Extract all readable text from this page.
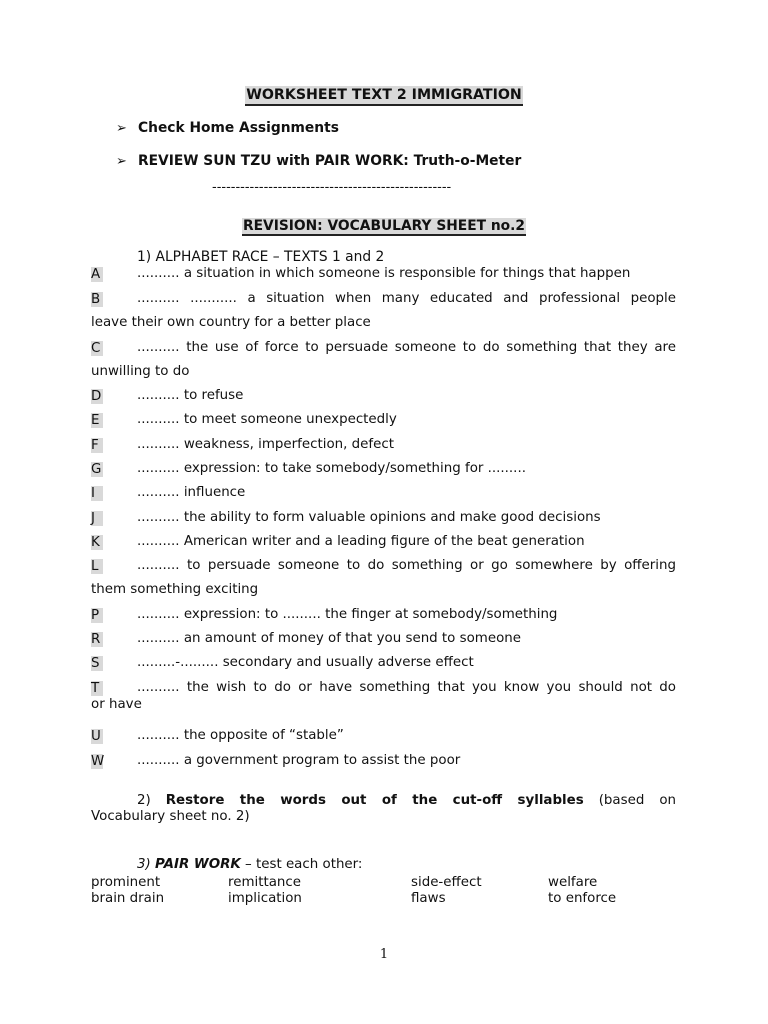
WORKSHEET TEXT 2 IMMIGRATION
➢ Check Home Assignments
➢ REVIEW SUN TZU with PAIR WORK: Truth-o-Meter
---------------------------------------------------
REVISION: VOCABULARY SHEET no.2
1) ALPHABET RACE – TEXTS 1 and 2
A	.......... a situation in which someone is responsible for things that happen
B	.......... ........... a situation when many educated and professional people
leave their own country for a better place
C	.......... the use of force to persuade someone to do something that they are
unwilling to do
D	.......... to refuse
E	.......... to meet someone unexpectedly
F	.......... weakness, imperfection, defect
G	.......... expression: to take somebody/something for .........
I	.......... influence
J	.......... the ability to form valuable opinions and make good decisions
K	.......... American writer and a leading figure of the beat generation
L	.......... to persuade someone to do something or go somewhere by offering
them something exciting
P	.......... expression: to ......... the finger at somebody/something
R	.......... an amount of money of that you send to someone
S	.........-......... secondary and usually adverse effect
T	.......... the wish to do or have something that you know you should not do
or have
U	.......... the opposite of “stable”
W .......... a government program to assist the poor
2) Restore the words out of the cut-off syllables (based on
Vocabulary sheet no. 2)
3) PAIR WORK – test each other:
prominent	remittance	side-effect	welfare
brain drain	implication	flaws	to enforce
1
